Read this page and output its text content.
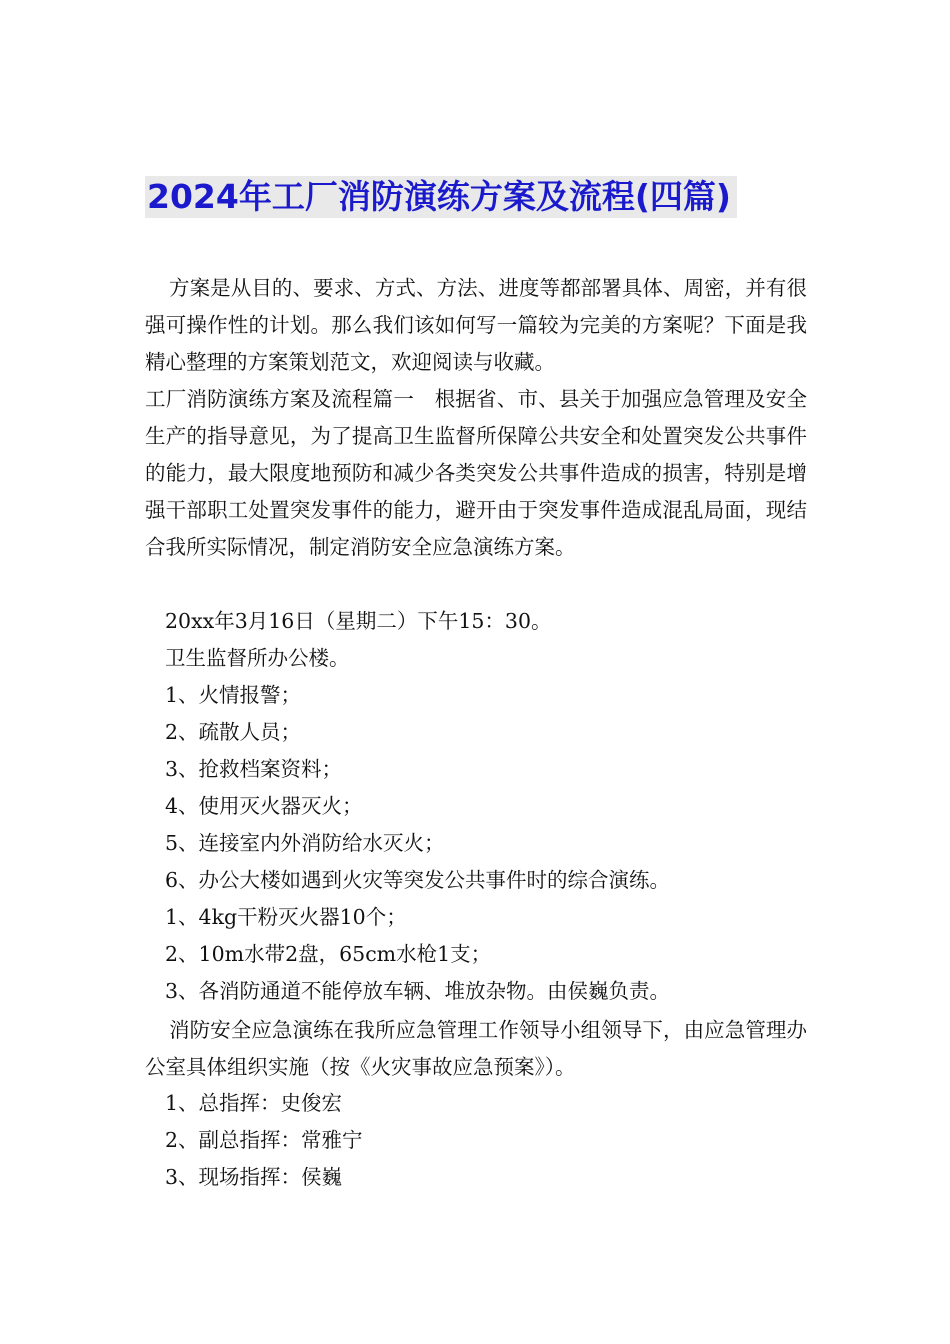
2024年工厂消防演练方案及流程(四篇)
方案是从目的、要求、方式、方法、进度等都部署具体、周密，并有很强可操作性的计划。那么我们该如何写一篇较为完美的方案呢？下面是我精心整理的方案策划范文，欢迎阅读与收藏。
工厂消防演练方案及流程篇一　根据省、市、县关于加强应急管理及安全生产的指导意见，为了提高卫生监督所保障公共安全和处置突发公共事件的能力，最大限度地预防和减少各类突发公共事件造成的损害，特别是增强干部职工处置突发事件的能力，避开由于突发事件造成混乱局面，现结合我所实际情况，制定消防安全应急演练方案。
20xx年3月16日（星期二）下午15：30。
卫生监督所办公楼。
1、火情报警；
2、疏散人员；
3、抢救档案资料；
4、使用灭火器灭火；
5、连接室内外消防给水灭火；
6、办公大楼如遇到火灾等突发公共事件时的综合演练。
1、4kg干粉灭火器10个；
2、10m水带2盘，65cm水枪1支；
3、各消防通道不能停放车辆、堆放杂物。由侯巍负责。
消防安全应急演练在我所应急管理工作领导小组领导下，由应急管理办公室具体组织实施（按《火灾事故应急预案》）。
1、总指挥：史俊宏
2、副总指挥：常雅宁
3、现场指挥：侯巍
